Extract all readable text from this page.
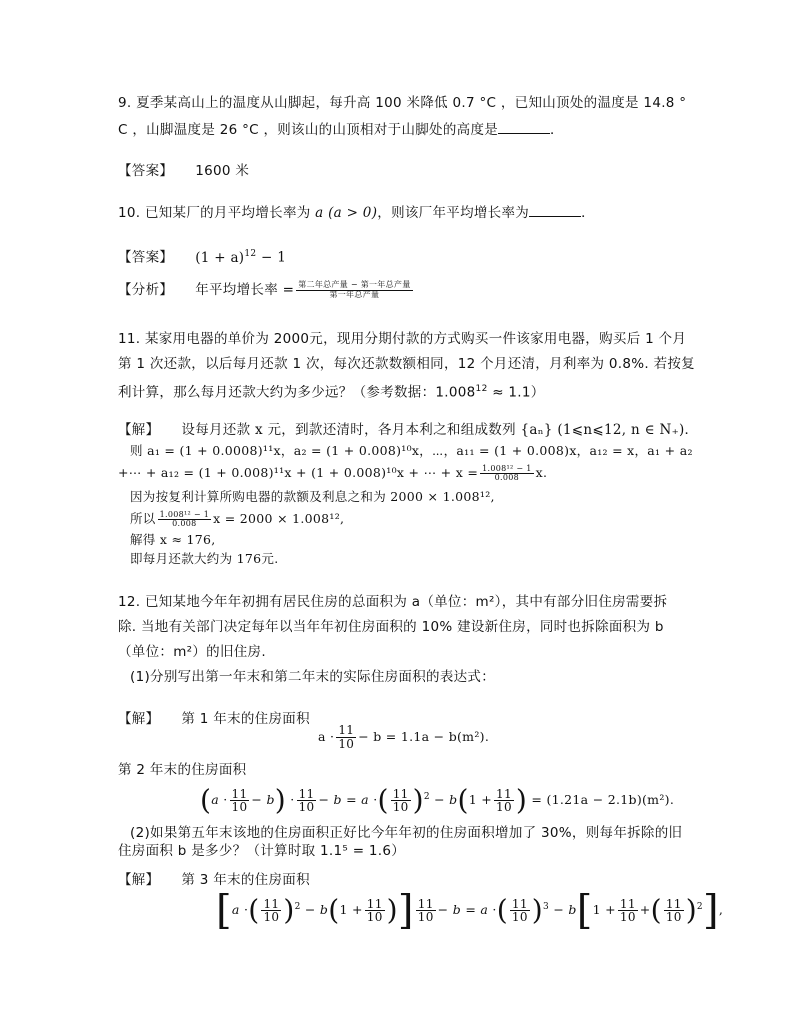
9. 夏季某高山上的温度从山脚起，每升高 100 米降低 0.7 °C ，已知山顶处的温度是 14.8 °
C ，山脚温度是 26 °C ，则该山的山顶相对于山脚处的高度是	．
【答案】 1600 米
10. 已知某厂的月平均增长率为 a (a > 0)，则该厂年平均增长率为	．
【答案】 $(1 + a)^{12} - 1$
【分析】 年平均增长率 = $\frac{\text{第二年总产量 − 第一年总产量}}{\text{第一年总产量}}$
11. 某家用电器的单价为 2000元，现用分期付款的方式购买一件该家用电器，购买后 1 个月
第 1 次还款，以后每月还款 1 次，每次还款数额相同，12 个月还清，月利率为 0.8%. 若按复
利计算，那么每月还款大约为多少远？（参考数据：$1.008^{12} \approx 1.1$）
【解】 设每月还款 x 元，到款还清时，各月本利之和组成数列 {aₙ} (1⩽n⩽12, n ∈ N₊)．
则 a₁ = (1 + 0.0008)¹¹x，a₂ = (1 + 0.008)¹⁰x，⋯，a₁₁ = (1 + 0.008)x，a₁₂ = x，a₁ + a₂
+⋯ + a₁₂ = (1 + 0.008)¹¹x + (1 + 0.008)¹⁰x + ⋯ + $x = \frac{\text{1.008¹² − 1}}{0.008} x$.
因为按复利计算所购电器的款额及利息之和为 2000 × 1.008¹²,
所以 $\frac{\text{1.008¹² − 1}}{0.008}$ x = 2000 × 1.008¹²,
解得 x ≈ 176,
即每月还款大约为 176元.
12. 已知某地今年年初拥有居民住房的总面积为 a（单位：m²），其中有部分旧住房需要拆
除. 当地有关部门决定每年以当年年初住房面积的 10% 建设新住房，同时也拆除面积为 b
（单位：m²）的旧住房.
(1)分别写出第一年末和第二年末的实际住房面积的表达式：
【解】 第 1 年末的住房面积
$a \cdot \frac{11}{10} - b = 1.1a - b(m^2)$.
第 2 年末的住房面积
$(a \cdot \frac{11}{10} - b) \cdot \frac{11}{10} - b = a$ ·( $\frac{11}{10} )^2 - b(1 + \frac{11}{10}$ ) = (1.21a − 2.1b)(m²).
(2)如果第五年末该地的住房面积正好比今年年初的住房面积增加了 30%，则每年拆除的旧
住房面积 b 是多少？（计算时取 1.1⁵ = 1.6）
【解】 第 3 年末的住房面积
[a ·( $\frac{11}{10} )^2 - b(1 + \frac{11}{10}$ )] $\frac{11}{10} - b = a$ ·( $\frac{11}{10} )^3 - b[1 + \frac{11}{10}$ +( $\frac{11}{10} )^2$],
